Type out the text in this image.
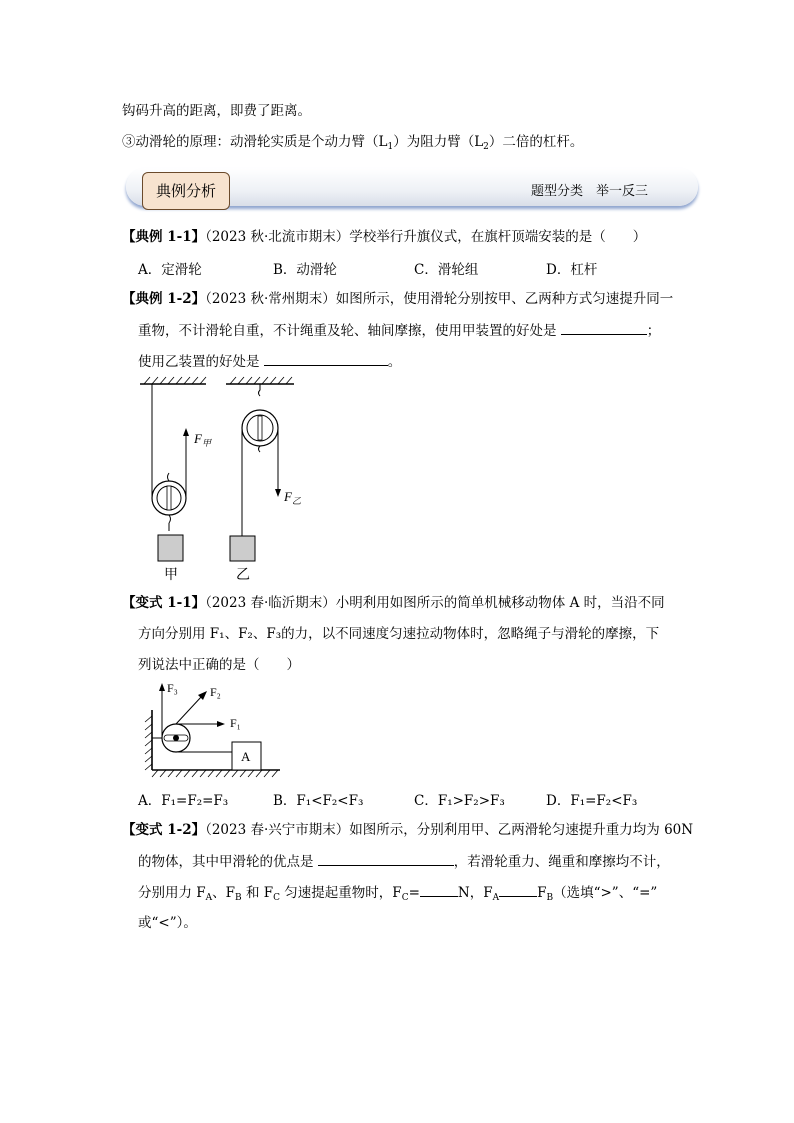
钩码升高的距离，即费了距离。
③动滑轮的原理：动滑轮实质是个动力臂$(L_1)$为阻力臂$(L_2)$二倍的杠杆。
典例分析	题型分类　举一反三
【典例 1-1】（2023 秋·北流市期末）学校举行升旗仪式，在旗杆顶端安装的是（　　）
A．定滑轮	B．动滑轮	C．滑轮组	D．杠杆
【典例 1-2】（2023 秋·常州期末）如图所示，使用滑轮分别按甲、乙两种方式匀速提升同一
重物，不计滑轮自重，不计绳重及轮、轴间摩擦，使用甲装置的好处是	；
使用乙装置的好处是	。
$F_甲$
甲
$F_乙$
乙
【变式 1-1】（2023 春·临沂期末）小明利用如图所示的简单机械移动物体 A 时，当沿不同
方向分别用 F₁、F₂、F₃的力，以不同速度匀速拉动物体时，忽略绳子与滑轮的摩擦，下
列说法中正确的是（　　）
A
F₃	F₂
F₁
A．F₁=F₂=F₃	B．F₁<F₂<F₃	C．F₁>F₂>F₃	D．F₁=F₂<F₃
【变式 1-2】（2023 春·兴宁市期末）如图所示，分别利用甲、乙两滑轮匀速提升重力均为 60N
的物体，其中甲滑轮的优点是	，若滑轮重力、绳重和摩擦均不计，
分别用力 $F_A$、$F_B$ 和 $F_C$ 匀速提起重物时，$F_C=$	N，$F_A$	$F_B$（选填“>”、“=”
或“<”）。
